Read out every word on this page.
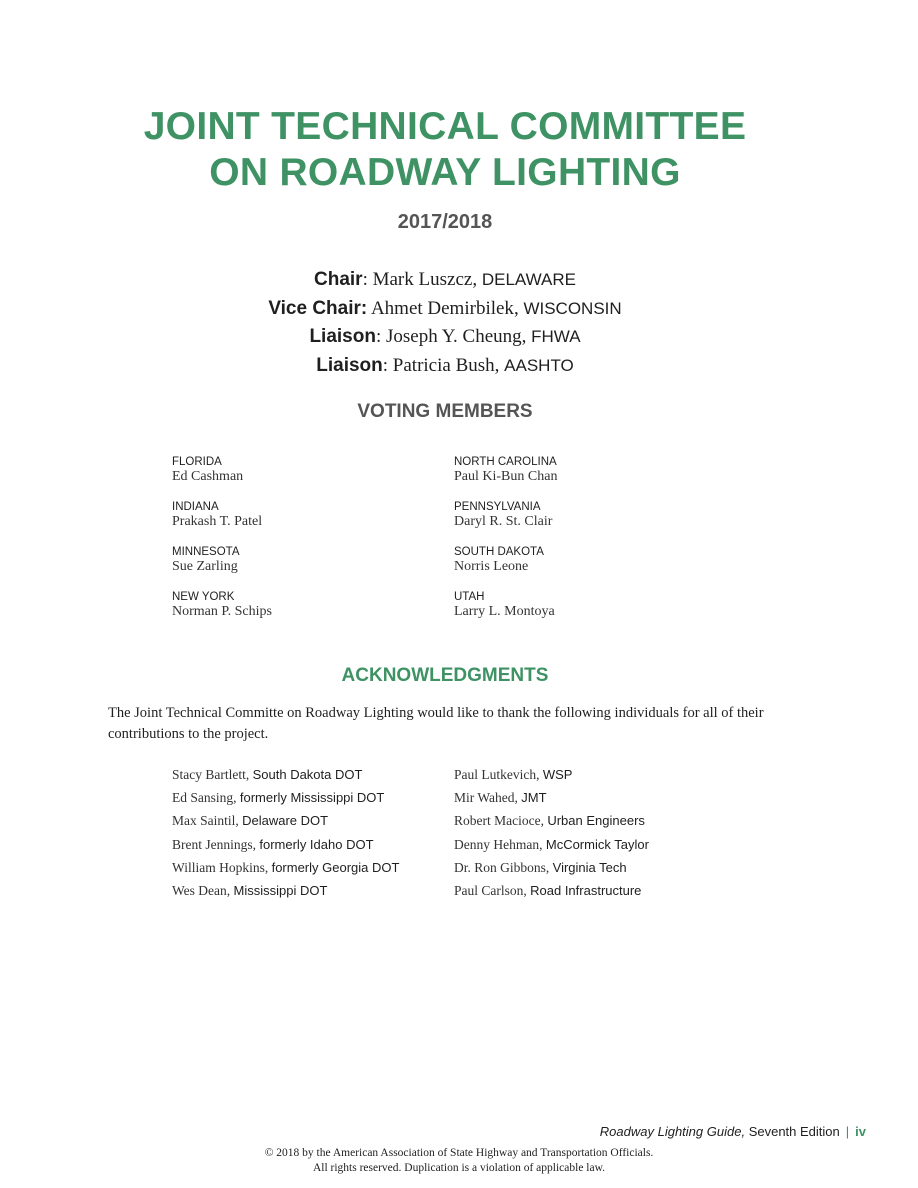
JOINT TECHNICAL COMMITTEE
ON ROADWAY LIGHTING
2017/2018
Chair: Mark Luszcz, DELAWARE
Vice Chair: Ahmet Demirbilek, WISCONSIN
Liaison: Joseph Y. Cheung, FHWA
Liaison: Patricia Bush, AASHTO
VOTING MEMBERS
FLORIDA
Ed Cashman
INDIANA
Prakash T. Patel
MINNESOTA
Sue Zarling
NEW YORK
Norman P. Schips
NORTH CAROLINA
Paul Ki-Bun Chan
PENNSYLVANIA
Daryl R. St. Clair
SOUTH DAKOTA
Norris Leone
UTAH
Larry L. Montoya
ACKNOWLEDGMENTS
The Joint Technical Committe on Roadway Lighting would like to thank the following individuals for all of their contributions to the project.
Stacy Bartlett, South Dakota DOT
Ed Sansing, formerly Mississippi DOT
Max Saintil, Delaware DOT
Brent Jennings, formerly Idaho DOT
William Hopkins, formerly Georgia DOT
Wes Dean, Mississippi DOT
Paul Lutkevich, WSP
Mir Wahed, JMT
Robert Macioce, Urban Engineers
Denny Hehman, McCormick Taylor
Dr. Ron Gibbons, Virginia Tech
Paul Carlson, Road Infrastructure
Roadway Lighting Guide, Seventh Edition | iv
© 2018 by the American Association of State Highway and Transportation Officials.
All rights reserved. Duplication is a violation of applicable law.
